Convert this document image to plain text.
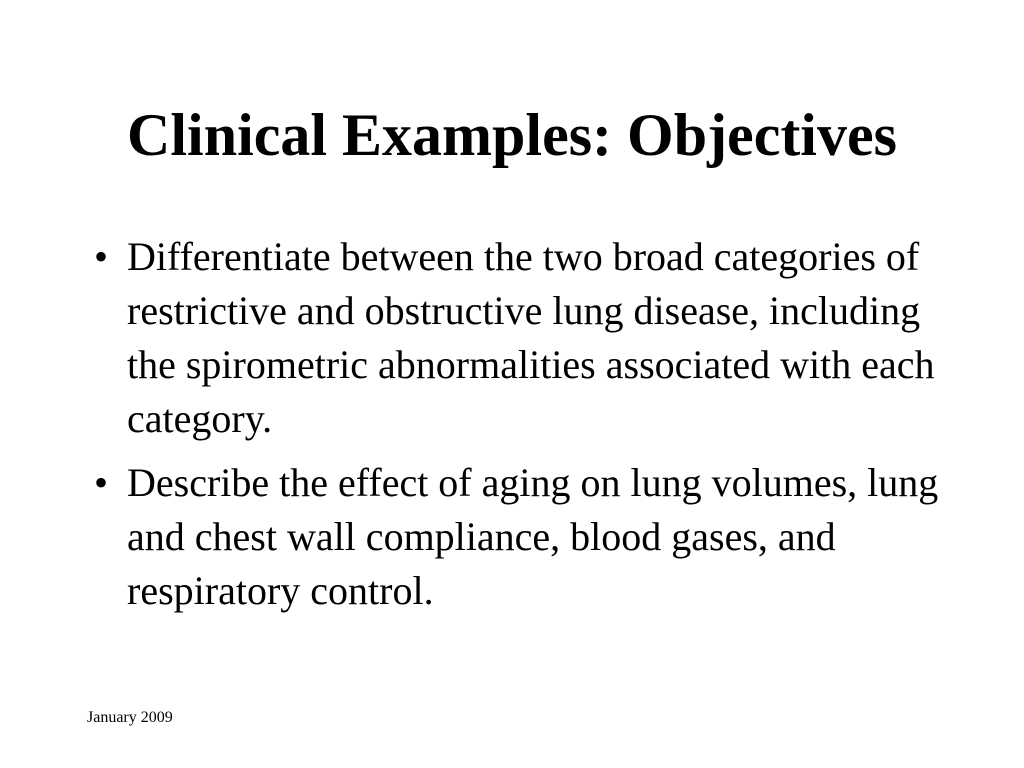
Clinical Examples: Objectives
• Differentiate between the two broad categories of restrictive and obstructive lung disease, including the spirometric abnormalities associated with each category.
• Describe the effect of aging on lung volumes, lung and chest wall compliance, blood gases, and respiratory control.
January 2009
